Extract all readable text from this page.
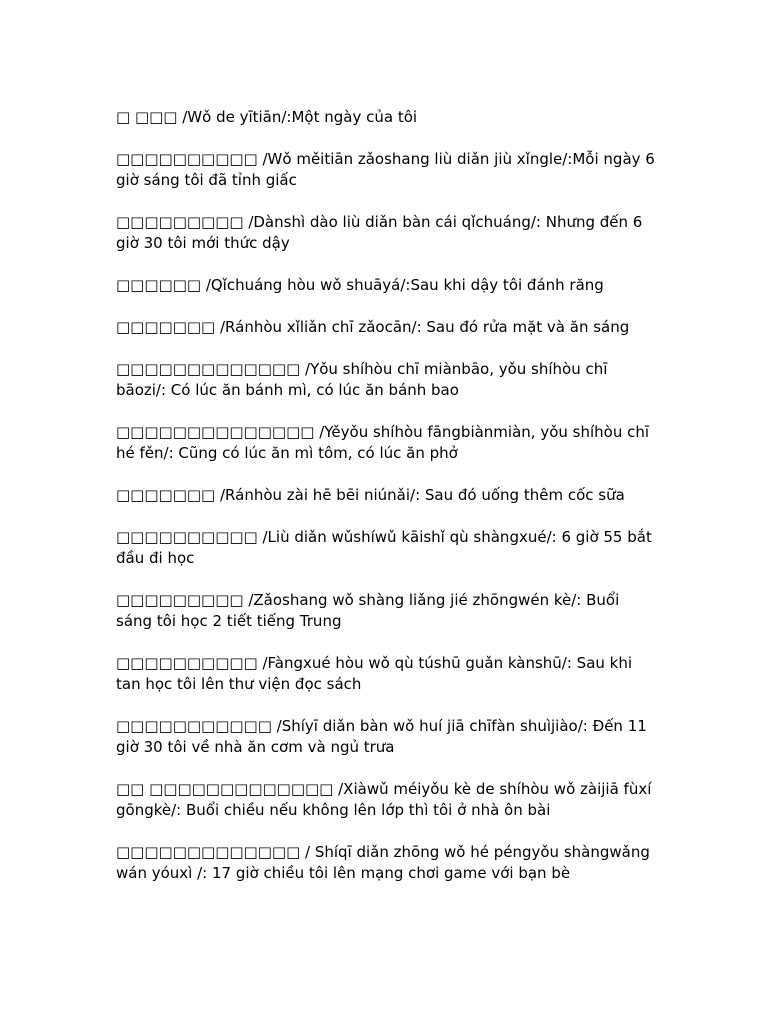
□ □□□ /Wǒ de yītiān/:Một ngày của tôi

□□□□□□□□□□ /Wǒ měitiān zǎoshang liù diǎn jiù xǐngle/:Mỗi ngày 6 giờ sáng tôi đã tỉnh giấc

□□□□□□□□□ /Dànshì dào liù diǎn bàn cái qǐchuáng/: Nhưng đến 6 giờ 30 tôi mới thức dậy

□□□□□□ /Qǐchuáng hòu wǒ shuāyá/:Sau khi dậy tôi đánh răng

□□□□□□□ /Ránhòu xǐliǎn chī zǎocān/: Sau đó rửa mặt và ăn sáng

□□□□□□□□□□□□□ /Yǒu shíhòu chī miànbāo, yǒu shíhòu chī bāozi/: Có lúc ăn bánh mì, có lúc ăn bánh bao

□□□□□□□□□□□□□□ /Yěyǒu shíhòu fāngbiànmiàn, yǒu shíhòu chī hé fěn/: Cũng có lúc ăn mì tôm, có lúc ăn phở

□□□□□□□ /Ránhòu zài hē bēi niúnǎi/: Sau đó uống thêm cốc sữa

□□□□□□□□□□ /Liù diǎn wǔshíwǔ kāishǐ qù shàngxué/: 6 giờ 55 bắt đầu đi học

□□□□□□□□□ /Zǎoshang wǒ shàng liǎng jié zhōngwén kè/: Buổi sáng tôi học 2 tiết tiếng Trung

□□□□□□□□□□ /Fàngxué hòu wǒ qù túshū guǎn kànshū/: Sau khi tan học tôi lên thư viện đọc sách

□□□□□□□□□□□ /Shíyī diǎn bàn wǒ huí jiā chīfàn shuìjiào/: Đến 11 giờ 30 tôi về nhà ăn cơm và ngủ trưa

□□ □□□□□□□□□□□□□ /Xiàwǔ méiyǒu kè de shíhòu wǒ zàijiā fùxí gōngkè/: Buổi chiều nếu không lên lớp thì tôi ở nhà ôn bài

□□□□□□□□□□□□□ / Shíqī diǎn zhōng wǒ hé péngyǒu shàngwǎng wán yóuxì /: 17 giờ chiều tôi lên mạng chơi game với bạn bè
